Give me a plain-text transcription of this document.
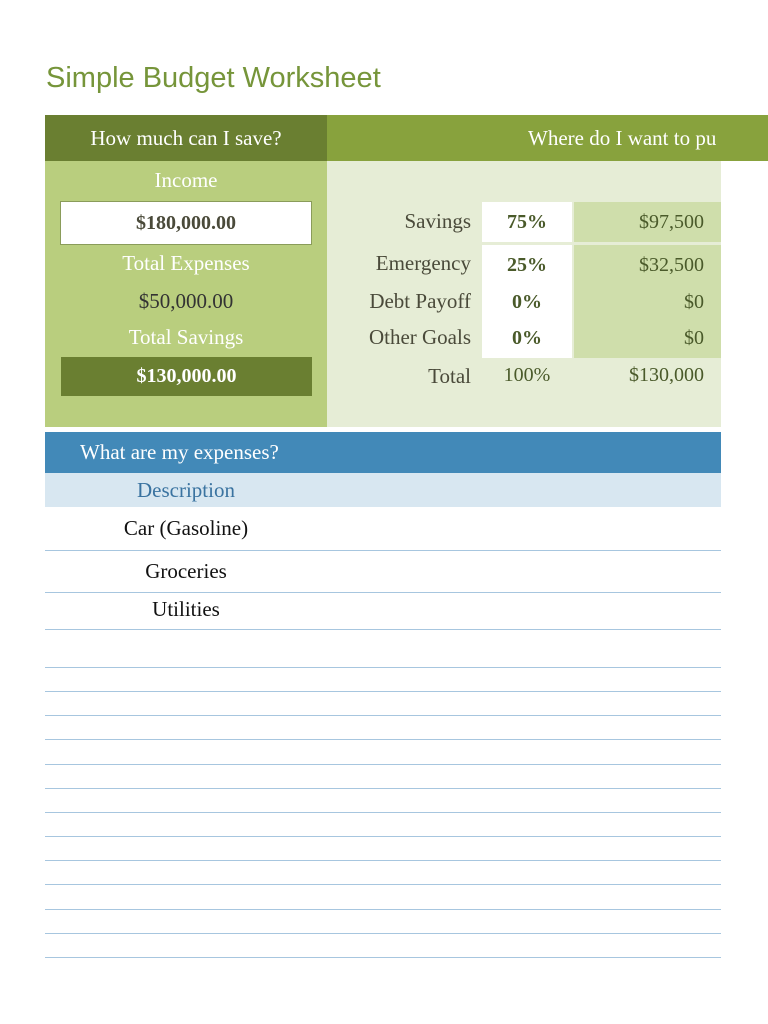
Simple Budget Worksheet
How much can I save?	Where do I want to pu
Income
$180,000.00
Total Expenses
$50,000.00
Total Savings
$130,000.00
Savings	75%	$97,500
Emergency	25%	$32,500
Debt Payoff	0%	$0
Other Goals	0%	$0
Total	100%	$130,000
What are my expenses?
Description
Car (Gasoline)
Groceries
Utilities
